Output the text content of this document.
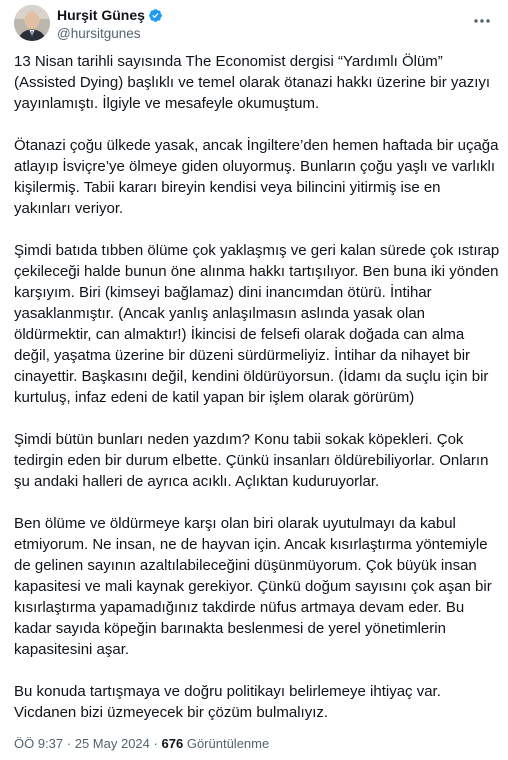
Hurşit Güneş
@hursitgunes

13 Nisan tarihli sayısında The Economist dergisi “Yardımlı Ölüm”
(Assisted Dying) başlıklı ve temel olarak ötanazi hakkı üzerine bir yazıyı
yayınlamıştı. İlgiyle ve mesafeyle okumuştum.

Ötanazi çoğu ülkede yasak, ancak İngiltere’den hemen haftada bir uçağa
atlayıp İsviçre’ye ölmeye giden oluyormuş. Bunların çoğu yaşlı ve varlıklı
kişilermiş. Tabii kararı bireyin kendisi veya bilincini yitirmiş ise en
yakınları veriyor.

Şimdi batıda tıbben ölüme çok yaklaşmış ve geri kalan sürede çok ıstırap
çekileceği halde bunun öne alınma hakkı tartışılıyor. Ben buna iki yönden
karşıyım. Biri (kimseyi bağlamaz) dini inancımdan ötürü. İntihar
yasaklanmıştır. (Ancak yanlış anlaşılmasın aslında yasak olan
öldürmektir, can almaktır!) İkincisi de felsefi olarak doğada can alma
değil, yaşatma üzerine bir düzeni sürdürmeliyiz. İntihar da nihayet bir
cinayettir. Başkasını değil, kendini öldürüyorsun. (İdamı da suçlu için bir
kurtuluş, infaz edeni de katil yapan bir işlem olarak görürüm)

Şimdi bütün bunları neden yazdım? Konu tabii sokak köpekleri. Çok
tedirgin eden bir durum elbette. Çünkü insanları öldürebiliyorlar. Onların
şu andaki halleri de ayrıca acıklı. Açlıktan kuduruyorlar.

Ben ölüme ve öldürmeye karşı olan biri olarak uyutulmayı da kabul
etmiyorum. Ne insan, ne de hayvan için. Ancak kısırlaştırma yöntemiyle
de gelinen sayının azaltılabileceğini düşünmüyorum. Çok büyük insan
kapasitesi ve mali kaynak gerekiyor. Çünkü doğum sayısını çok aşan bir
kısırlaştırma yapamadığınız takdirde nüfus artmaya devam eder. Bu
kadar sayıda köpeğin barınakta beslenmesi de yerel yönetimlerin
kapasitesini aşar.

Bu konuda tartışmaya ve doğru politikayı belirlemeye ihtiyaç var.
Vicdanen bizi üzmeyecek bir çözüm bulmalıyız.

ÖÖ 9:37 · 25 May 2024 · 676 Görüntülenme
